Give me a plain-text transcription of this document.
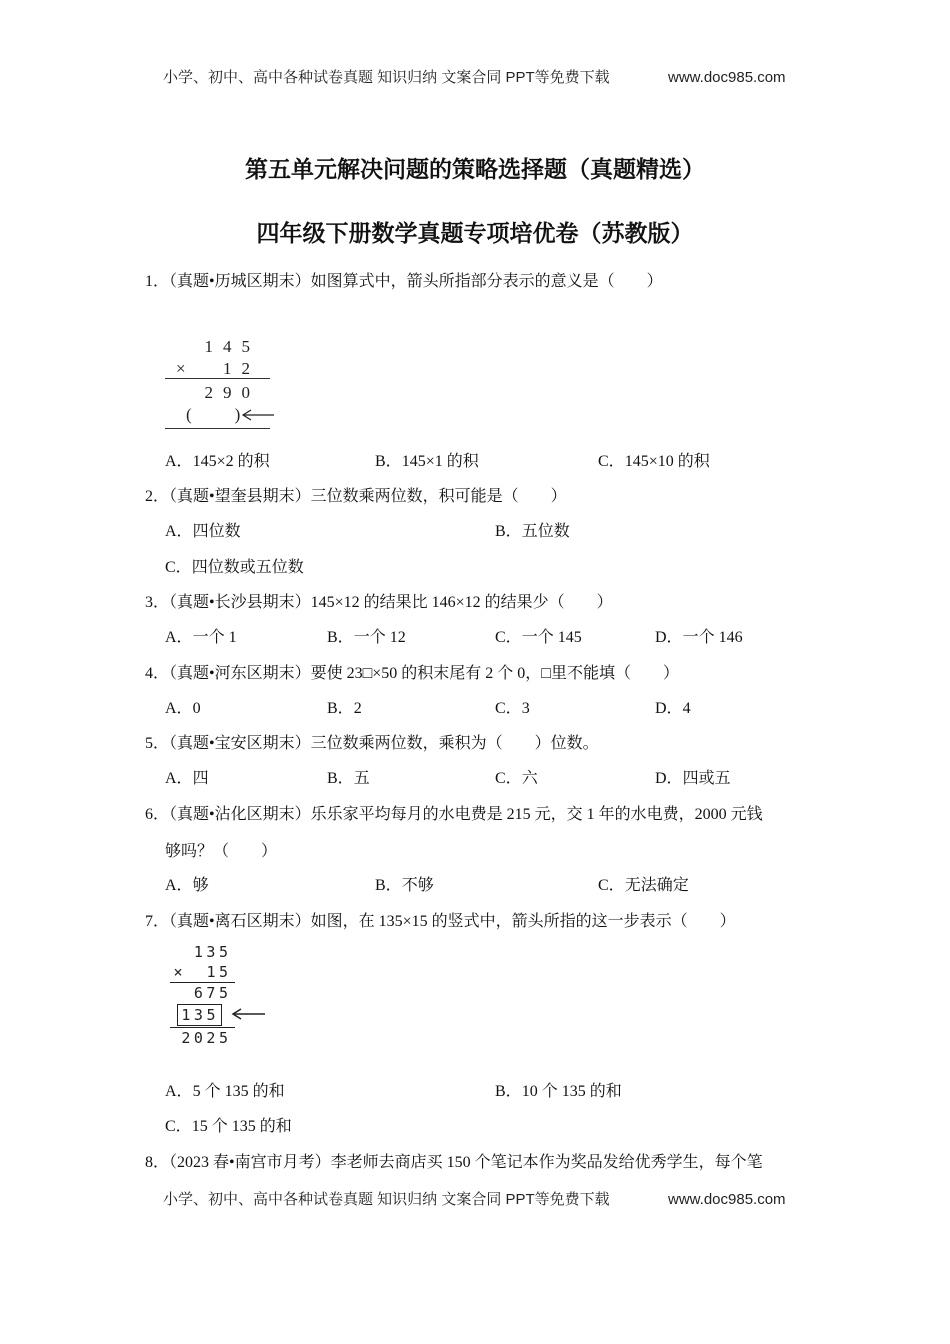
小学、初中、高中各种试卷真题 知识归纳 文案合同 PPT等免费下载	www.doc985.com
第五单元解决问题的策略选择题（真题精选）
四年级下册数学真题专项培优卷（苏教版）
1．（真题•历城区期末）如图算式中，箭头所指部分表示的意义是（　　）
145
× 12
290
(　　)
A．145×2 的积	B．145×1 的积	C．145×10 的积
2．（真题•望奎县期末）三位数乘两位数，积可能是（　　）
A．四位数	B．五位数
C．四位数或五位数
3．（真题•长沙县期末）145×12 的结果比 146×12 的结果少（　　）
A．一个 1	B．一个 12	C．一个 145	D．一个 146
4．（真题•河东区期末）要使 23□×50 的积末尾有 2 个 0，□里不能填（　　）
A．0	B．2	C．3	D．4
5．（真题•宝安区期末）三位数乘两位数，乘积为（　　）位数。
A．四	B．五	C．六	D．四或五
6．（真题•沾化区期末）乐乐家平均每月的水电费是 215 元，交 1 年的水电费，2000 元钱
够吗？（　　）
A．够	B．不够	C．无法确定
7．（真题•离石区期末）如图，在 135×15 的竖式中，箭头所指的这一步表示（　　）
135
× 15
675
135
2025
A．5 个 135 的和	B．10 个 135 的和
C．15 个 135 的和
8．（2023 春•南宫市月考）李老师去商店买 150 个笔记本作为奖品发给优秀学生，每个笔
小学、初中、高中各种试卷真题 知识归纳 文案合同 PPT等免费下载	www.doc985.com
